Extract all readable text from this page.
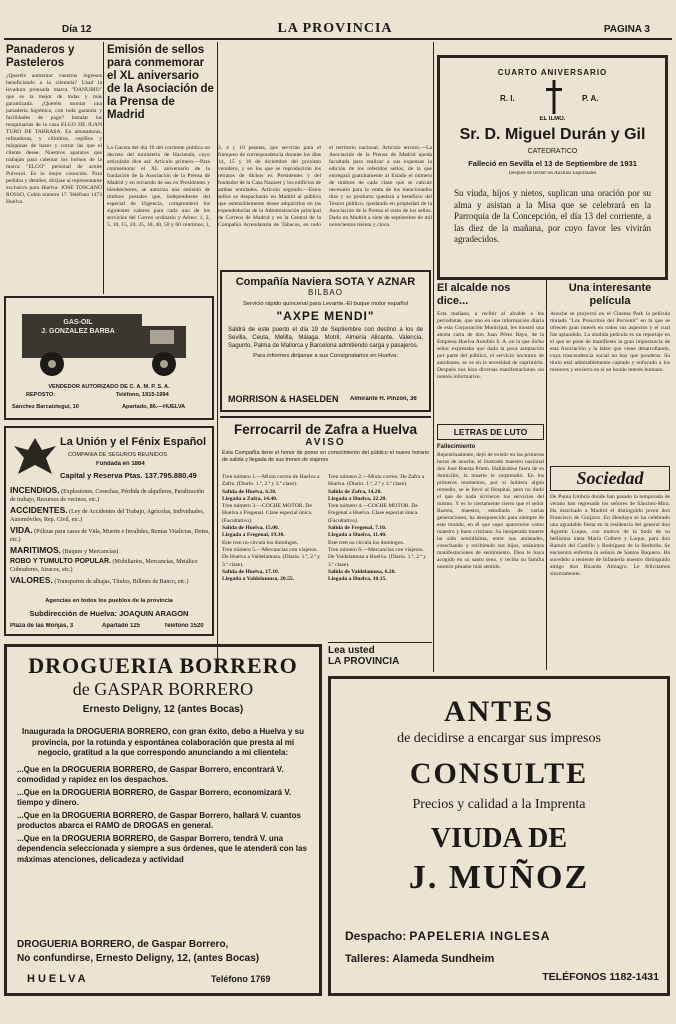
Día 12	LA PROVINCIA	PAGINA 3
Panaderos y Pasteleros

¿Queréis aumentar vuestros ingresos beneficiando a la clientela? Usad la levadura prensada marca "DANUBIO" que es la mejor de todas y más garantizada. ¿Queréis montar una panadería higiénica, con toda garantía y facilidades de pago? Instalar las maquinarias de la casa ELGO DE JUAN TURO DE TARRASA. En amasadoras, refinadoras, y cilindros, cepillos y máquinas de hacer y cortar las que el cliente desee. Nuestros aparatos que trabajan para calentar los hornos de la marca "ELGO" personal de aceite Pulverol. Es lo mejor conocido. Para pedidos y detalles, diríjase al representante exclusivo para Huelva: JOSE TOSCANO ROSSO, Colón número 17. Teléfono 1473 Huelva.

Emisión de sellos para conmemorar el XL aniversario de la Asociación de la Prensa de Madrid

La Gaceta del día 10 del corriente publica un decreto del ministerio de Hacienda, cuyo articulado dice así: Artículo primero.—Para conmemorar el XL aniversario de la fundación de la Asociación de la Prensa de Madrid y en recuerdo de sus ex Presidentes y bienhechores, se autoriza una emisión de timbres postales que, independiente del especial de Urgencia, comprenderá los siguientes valores para cada uno de los servicios del Correo ordinario y Aéreo: 1, 2, 5, 10, 15, 20, 25, 30, 40, 50 y 60 céntimos; 1, 2, 4 y 10 pesetas, que servirán para el franqueo de correspondencia durante los días 14, 15 y 16 de diciembre del próximo venidero, y en los que se reproducirán los retratos de dichos ex Presidentes y del fundador de la Casa Nazaret y los edificios de ambas entidades. Artículo segundo.—Estos sellos se despacharán en Madrid al público que ostensiblemente desee adquirirlos en las expendedurías de la Administración principal de Correos de Madrid y en la Central de la Compañía Arrendataria de Tabacos, en todo el territorio nacional. Artículo tercero.—La Asociación de la Prensa de Madrid queda facultada para realizar a sus expensas la edición de los referidos sellos, de la que entregará gratuitamente al Estado el número de timbres de cada clase que se calcule necesario para la venta de los mencionados días y su producto quedará a beneficio del Tesoro público, quedando en propiedad de la Asociación de la Prensa el resto de los sellos. Dado en Madrid a siete de septiembre de mil novecientos treinta y cinco.

CUARTO ANIVERSARIO
R. I.	P. A.
EL ILMO.
Sr. D. Miguel Durán y Gil
CATEDRÁTICO
Falleció en Sevilla el 13 de Septiembre de 1931
Después de recibir los Auxilios Espirituales

Su viuda, hijos y nietos, suplican una oración por su alma y asistan a la Misa que se celebrará en la Parroquia de la Concepción, el día 13 del corriente, a las diez de la mañana, por cuyo favor les vivirán agradecidos.

GAS-OIL
J. GONZALEZ BARBA
VENDEDOR AUTORIZADO DE C. A. M. P. S. A.
REPOSTO:	Teléfono, 1915-1994
Sánchez Barcaíztegui, 10	Apartado, 86.—HUELVA
Compañía Naviera SOTA Y AZNAR
BILBAO
Servicio rápido quincenal para Levante.-El buque motor español
"AXPE MENDI"

Saldrá de este puerto el día 19 de Septiembre con destino a los de Sevilla, Ceuta, Melilla, Málaga, Motril, Almería Alicante, Valencia, Sagunto, Palma de Mallorca y Barcelona admitiendo carga y pasajeros.

Para informes diríjanse a sus Consignatarios en Huelva:
MORRISON & HASELDEN Almirante H. Pinzón, 36
El alcalde nos dice...

Esta mañana, a recibir al alcalde a los periodistas, que uno en una información diaria de esta Corporación Municipal, les mostró una atenta carta de don Juan Pérez Bayo, de la Empresa Huelva Autobús S. A. en la que dicho señor expresaba que dada la poca aceptación por parte del público, el servicio nocturno de autobuses, se ve en la necesidad de suprimirlo. Después nos hizo diversas manifestaciones sin interés informativo.

Una interesante película

Anoche se proyectó en el Cinema Park la película titulada "Los Proscritos del Porvenir" en la que se ofrecen gran interés en todos sus aspectos y el cual fue aplaudido. La aludida película es un reportaje en el que se pone de manifiesto la gran importancia de esta Asociación y la labor que viene desarrollando, cuya trascendencia social no hay que ponderar. Su título está admirablemente captado y enfocado a los menores y encierra en sí un hondo interés humano.

LETRAS DE LUTO
Fallecimiento

Repentinamente, dejó de existir en las primeras horas de anoche, el ilustrado maestro nacional don José Ruesta Prieto. Hallándose fuera de su domicilio, la muerte le sorprendió. En los primeros momentos, por si hubiera algún remedio, se le llevó al Hospital, pero no dudó el que de nada sirvieron los servicios del mismo. Y es lo ciertamente cierto que el señor Ruesta, maestro, estudiado de varias generaciones, ha desaparecido para siempre de este mundo, en él que supo aparecerse como maestro y buen cristiano. Su inesperada muerte ha sido sentidísima, entre sus amistades, cosechando y recibiendo sus hijos, unánimes manifestaciones de sentimiento. Dios le haya acogido en su santo seno, y reciba su familia nuestro pésame más sentido.

Sociedad

De Punta Umbría donde han pasado la temporada de verano han regresado los señores de Sánchez-Mira. Ha marchado a Madrid el distinguido joven don Francisco de Guijarro. En Hendaya se ha celebrado una agradable fiesta en la residencia del general don Agustín Luque, con motivo de la boda de su bellísima nieta María Colbert y Luque, para don Ramón del Castillo y Rodríguez de la Borbolla. Se encuentra enferma la señora de Santos Baquero. Ha sucedido a teniente de Infantería nuestro distinguido amigo don Ricardo Almagro. Le felicitamos sinceramente.

La Unión y el Fénix Español
COMPAÑÍA DE SEGUROS REUNIDOS
Fundada en 1864
Capital y Reserva Ptas. 137.795.880.49
INCENDIOS. (Explosiones, Cosechas, Pérdida de alquileres, Paralización de trabajo, Recursos de vecinos, etc.)
ACCIDENTES. (Ley de Accidentes del Trabajo, Agrícolas, Individuales, Automóviles, Rep. Civil, etc.)
VIDA. (Pólizas para casos de Vida, Muerte e Invalidez, Rentas Vitalicias, Dotes, etc.)
MARITIMOS. (Buques y Mercancías)
ROBO Y TUMULTO POPULAR. (Mobiliarios, Mercancías, Metálico Cobradores, Atracos, etc.)
VALORES. (Transportes de alhajas, Títulos, Billetes de Banco, etc.)
Agencias en todos los pueblos de la provincia
Subdirección de Huelva: JOAQUIN ARAGON
Plaza de las Monjas, 3	Apartado 125	Teléfono 1520
Ferrocarril de Zafra a Huelva
AVISO

Esta Compañía tiene el honor de poner en conocimiento del público el nuevo horario de salida y llegada de sus trenes de viajeros

Tren número 1.—Mixto correo de Huelva a Zafra. (Diario. 1.ª, 2.ª y 3.ª clase).
Salida de Huelva, 6.30.
Llegada a Zafra, 14.40.
Tren número 3.—COCHE MOTOR. De Huelva a Fregenal. Clase especial única. (Facultativo).
Salida de Huelva, 15.00.
Llegada a Fregenal, 19.30.
Este tren no circula los domingos.
Tren número 5.—Mercancías con viajeros. De Huelva a Valdelamusa. (Diario. 1.ª, 2.ª y 3.ª clase).
Salida de Huelva, 17.10.
Llegada a Valdelamusa, 20.55.
Tren número 2.—Mixto correo. De Zafra a Huelva. (Diario. 1.ª, 2.ª y 3.ª clase).
Salida de Zafra, 14.20.
Llegada a Huelva, 22.20.
Tren número 4.—COCHE MOTOR. De Fregenal a Huelva. Clase especial única. (Facultativo).
Salida de Fregenal, 7.10.
Llegada a Huelva, 11.40.
Este tren no circula los domingos.
Tren número 6.—Mercancías con viajeros. De Valdelamusa a Huelva. (Diario. 1.ª, 2.ª y 3.ª clase).
Salida de Valdelamusa, 6.20.
Llegada a Huelva, 10.15.
Lea usted
LA PROVINCIA
DROGUERIA BORRERO
de GASPAR BORRERO
Ernesto Deligny, 12 (antes Bocas)

Inaugurada la DROGUERIA BORRERO, con gran éxito, debo a Huelva y su provincia, por la rotunda y espontánea colaboración que presta al mi negocio, gratitud a la que correspondo anunciando a mi clientela:

...Que en la DROGUERIA BORRERO, de Gaspar Borrero, encontrará V. comodidad y rapidez en los despachos.

...Que en la DROGUERIA BORRERO, de Gaspar Borrero, economizará V. tiempo y dinero.

...Que en la DROGUERIA BORRERO, de Gaspar Borrero, hallará V. cuantos productos abarca el RAMO de DROGAS en general.

...Que en la DROGUERIA BORRERO, de Gaspar Borrero, tendrá V. una dependencia seleccionada y siempre a sus órdenes, que le atenderá con las máximas atenciones, delicadeza y actividad

DROGUERIA BORRERO, de Gaspar Borrero,
No confundirse, Ernesto Deligny, 12, (antes Bocas)
HUELVA	Teléfono 1769
ANTES
de decidirse a encargar sus impresos
CONSULTE
Precios y calidad a la Imprenta
VIUDA DE
J. MUÑOZ
Despacho: PAPELERIA INGLESA
Talleres: Alameda Sundheim
TELÉFONOS 1182-1431
